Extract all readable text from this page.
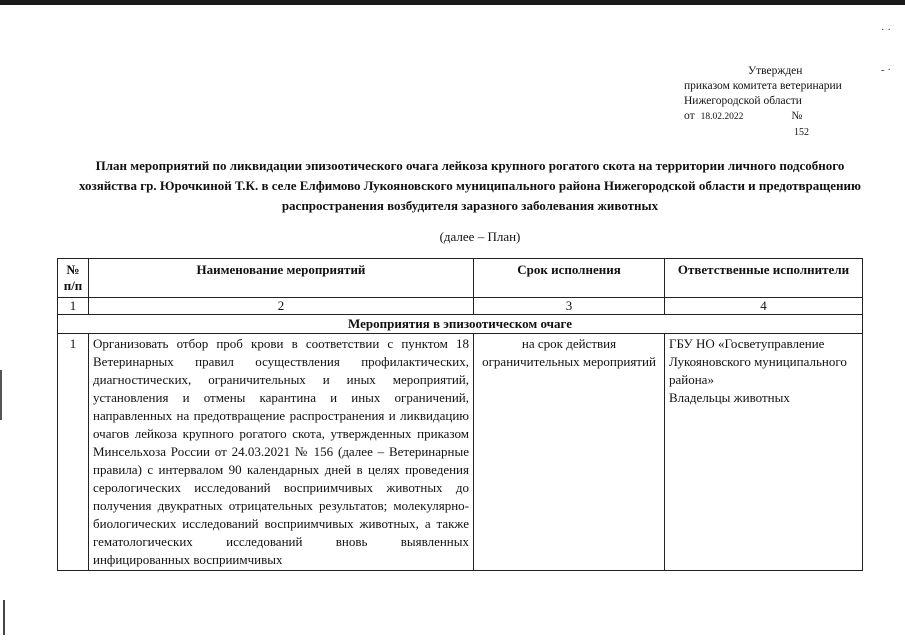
· ·
- ·
Утвержден
приказом комитета ветеринарии
Нижегородской области
от 18.02.2022	№
152
План мероприятий по ликвидации эпизоотического очага лейкоза крупного рогатого скота на территории личного подсобного хозяйства гр. Юрочкиной Т.К. в селе Елфимово Лукояновского муниципального района Нижегородской области и предотвращению распространения возбудителя заразного заболевания животных
(далее – План)
№ п/п	Наименование мероприятий	Срок исполнения	Ответственные исполнители
1	2	3	4
Мероприятия в эпизоотическом очаге			
1	Организовать отбор проб крови в соответствии с пунктом 18 Ветеринарных правил осуществления профилактических, диагностических, ограничительных и иных мероприятий, установления и отмены карантина и иных ограничений, направленных на предотвращение распространения и ликвидацию очагов лейкоза крупного рогатого скота, утвержденных приказом Минсельхоза России от 24.03.2021 № 156 (далее – Ветеринарные правила) с интервалом 90 календарных дней в целях проведения серологических исследований восприимчивых животных до получения двукратных отрицательных результатов; молекулярно-биологических исследований восприимчивых животных, а также гематологических исследований вновь выявленных инфицированных восприимчивых	на срок действия ограничительных мероприятий	ГБУ НО «Госветуправление Лукояновского муниципального района»
Владельцы животных
